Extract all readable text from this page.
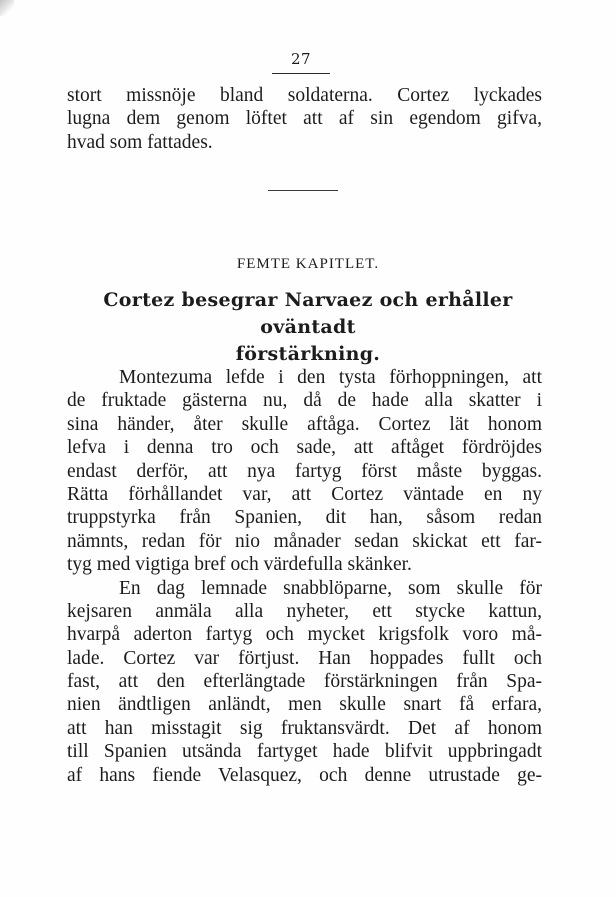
27
stort missnöje bland soldaterna. Cortez lyckades
lugna dem genom löftet att af sin egendom gifva,
hvad som fattades.
FEMTE KAPITLET.
Cortez besegrar Narvaez och erhåller oväntadt
förstärkning.
Montezuma lefde i den tysta förhoppningen, att
de fruktade gästerna nu, då de hade alla skatter i
sina händer, åter skulle aftåga. Cortez lät honom
lefva i denna tro och sade, att aftåget fördröjdes
endast derför, att nya fartyg först måste byggas.
Rätta förhållandet var, att Cortez väntade en ny
truppstyrka från Spanien, dit han, såsom redan
nämnts, redan för nio månader sedan skickat ett far-
tyg med vigtiga bref och värdefulla skänker.
En dag lemnade snabblöparne, som skulle för
kejsaren anmäla alla nyheter, ett stycke kattun,
hvarpå aderton fartyg och mycket krigsfolk voro må-
lade. Cortez var förtjust. Han hoppades fullt och
fast, att den efterlängtade förstärkningen från Spa-
nien ändtligen anländt, men skulle snart få erfara,
att han misstagit sig fruktansvärdt. Det af honom
till Spanien utsända fartyget hade blifvit uppbringadt
af hans fiende Velasquez, och denne utrustade ge-
